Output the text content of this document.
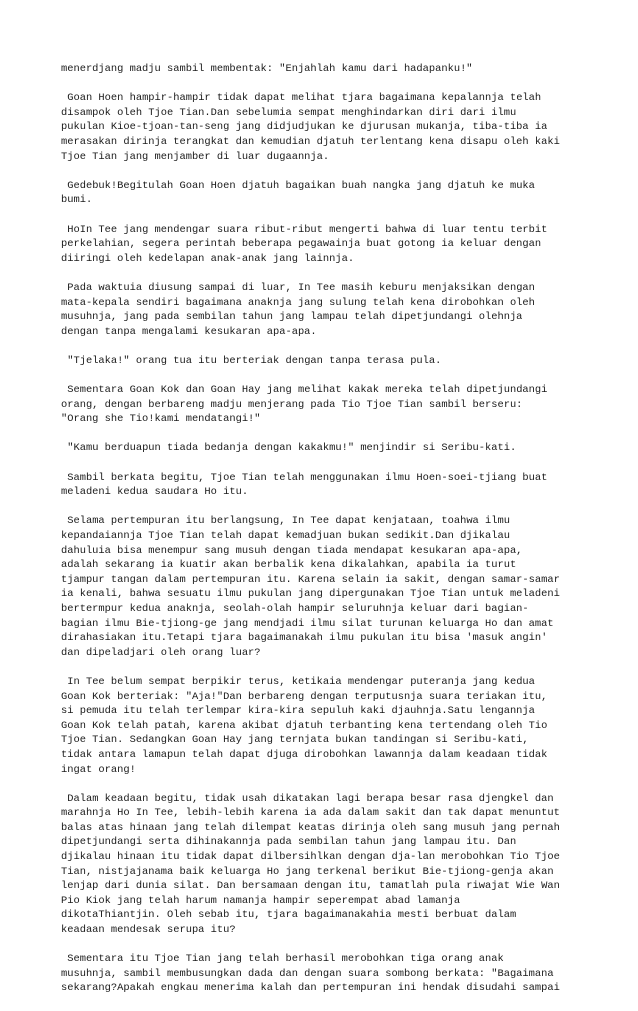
menerdjang madju sambil membentak: "Enjahlah kamu dari hadapanku!"

Goan Hoen hampir-hampir tidak dapat melihat tjara bagaimana kepalannja telah
disampok oleh Tjoe Tian.Dan sebelumia sempat menghindarkan diri dari ilmu
pukulan Kioe-tjoan-tan-seng jang didjudjukan ke djurusan mukanja, tiba-tiba ia
merasakan dirinja terangkat dan kemudian djatuh terlentang kena disapu oleh kaki
Tjoe Tian jang menjamber di luar dugaannja.

Gedebuk!Begitulah Goan Hoen djatuh bagaikan buah nangka jang djatuh ke muka
bumi.

HoIn Tee jang mendengar suara ribut-ribut mengerti bahwa di luar tentu terbit
perkelahian, segera perintah beberapa pegawainja buat gotong ia keluar dengan
diiringi oleh kedelapan anak-anak jang lainnja.

Pada waktuia diusung sampai di luar, In Tee masih keburu menjaksikan dengan
mata-kepala sendiri bagaimana anaknja jang sulung telah kena dirobohkan oleh
musuhnja, jang pada sembilan tahun jang lampau telah dipetjundangi olehnja
dengan tanpa mengalami kesukaran apa-apa.

"Tjelaka!" orang tua itu berteriak dengan tanpa terasa pula.

Sementara Goan Kok dan Goan Hay jang melihat kakak mereka telah dipetjundangi
orang, dengan berbareng madju menjerang pada Tio Tjoe Tian sambil berseru:
"Orang she Tio!kami mendatangi!"

"Kamu berduapun tiada bedanja dengan kakakmu!" menjindir si Seribu-kati.

Sambil berkata begitu, Tjoe Tian telah menggunakan ilmu Hoen-soei-tjiang buat
meladeni kedua saudara Ho itu.

Selama pertempuran itu berlangsung, In Tee dapat kenjataan, toahwa ilmu
kepandaiannja Tjoe Tian telah dapat kemadjuan bukan sedikit.Dan djikalau
dahuluia bisa menempur sang musuh dengan tiada mendapat kesukaran apa-apa,
adalah sekarang ia kuatir akan berbalik kena dikalahkan, apabila ia turut
tjampur tangan dalam pertempuran itu. Karena selain ia sakit, dengan samar-samar
ia kenali, bahwa sesuatu ilmu pukulan jang dipergunakan Tjoe Tian untuk meladeni
bertermpur kedua anaknja, seolah-olah hampir seluruhnja keluar dari bagian-
bagian ilmu Bie-tjiong-ge jang mendjadi ilmu silat turunan keluarga Ho dan amat
dirahasiakan itu.Tetapi tjara bagaimanakah ilmu pukulan itu bisa 'masuk angin'
dan dipeladjari oleh orang luar?

In Tee belum sempat berpikir terus, ketikaia mendengar puteranja jang kedua
Goan Kok berteriak: "Aja!"Dan berbareng dengan terputusnja suara teriakan itu,
si pemuda itu telah terlempar kira-kira sepuluh kaki djauhnja.Satu lengannja
Goan Kok telah patah, karena akibat djatuh terbanting kena tertendang oleh Tio
Tjoe Tian. Sedangkan Goan Hay jang ternjata bukan tandingan si Seribu-kati,
tidak antara lamapun telah dapat djuga dirobohkan lawannja dalam keadaan tidak
ingat orang!

Dalam keadaan begitu, tidak usah dikatakan lagi berapa besar rasa djengkel dan
marahnja Ho In Tee, lebih-lebih karena ia ada dalam sakit dan tak dapat menuntut
balas atas hinaan jang telah dilempat keatas dirinja oleh sang musuh jang pernah
dipetjundangi serta dihinakannja pada sembilan tahun jang lampau itu. Dan
djikalau hinaan itu tidak dapat dilbersihlkan dengan dja-lan merobohkan Tio Tjoe
Tian, nistjajanama baik keluarga Ho jang terkenal berikut Bie-tjiong-genja akan
lenjap dari dunia silat. Dan bersamaan dengan itu, tamatlah pula riwajat Wie Wan
Pio Kiok jang telah harum namanja hampir seperempat abad lamanja
dikotaThiantjin. Oleh sebab itu, tjara bagaimanakahia mesti berbuat dalam
keadaan mendesak serupa itu?

Sementara itu Tjoe Tian jang telah berhasil merobohkan tiga orang anak
musuhnja, sambil membusungkan dada dan dengan suara sombong berkata: "Bagaimana
sekarang?Apakah engkau menerima kalah dan pertempuran ini hendak disudahi sampai
